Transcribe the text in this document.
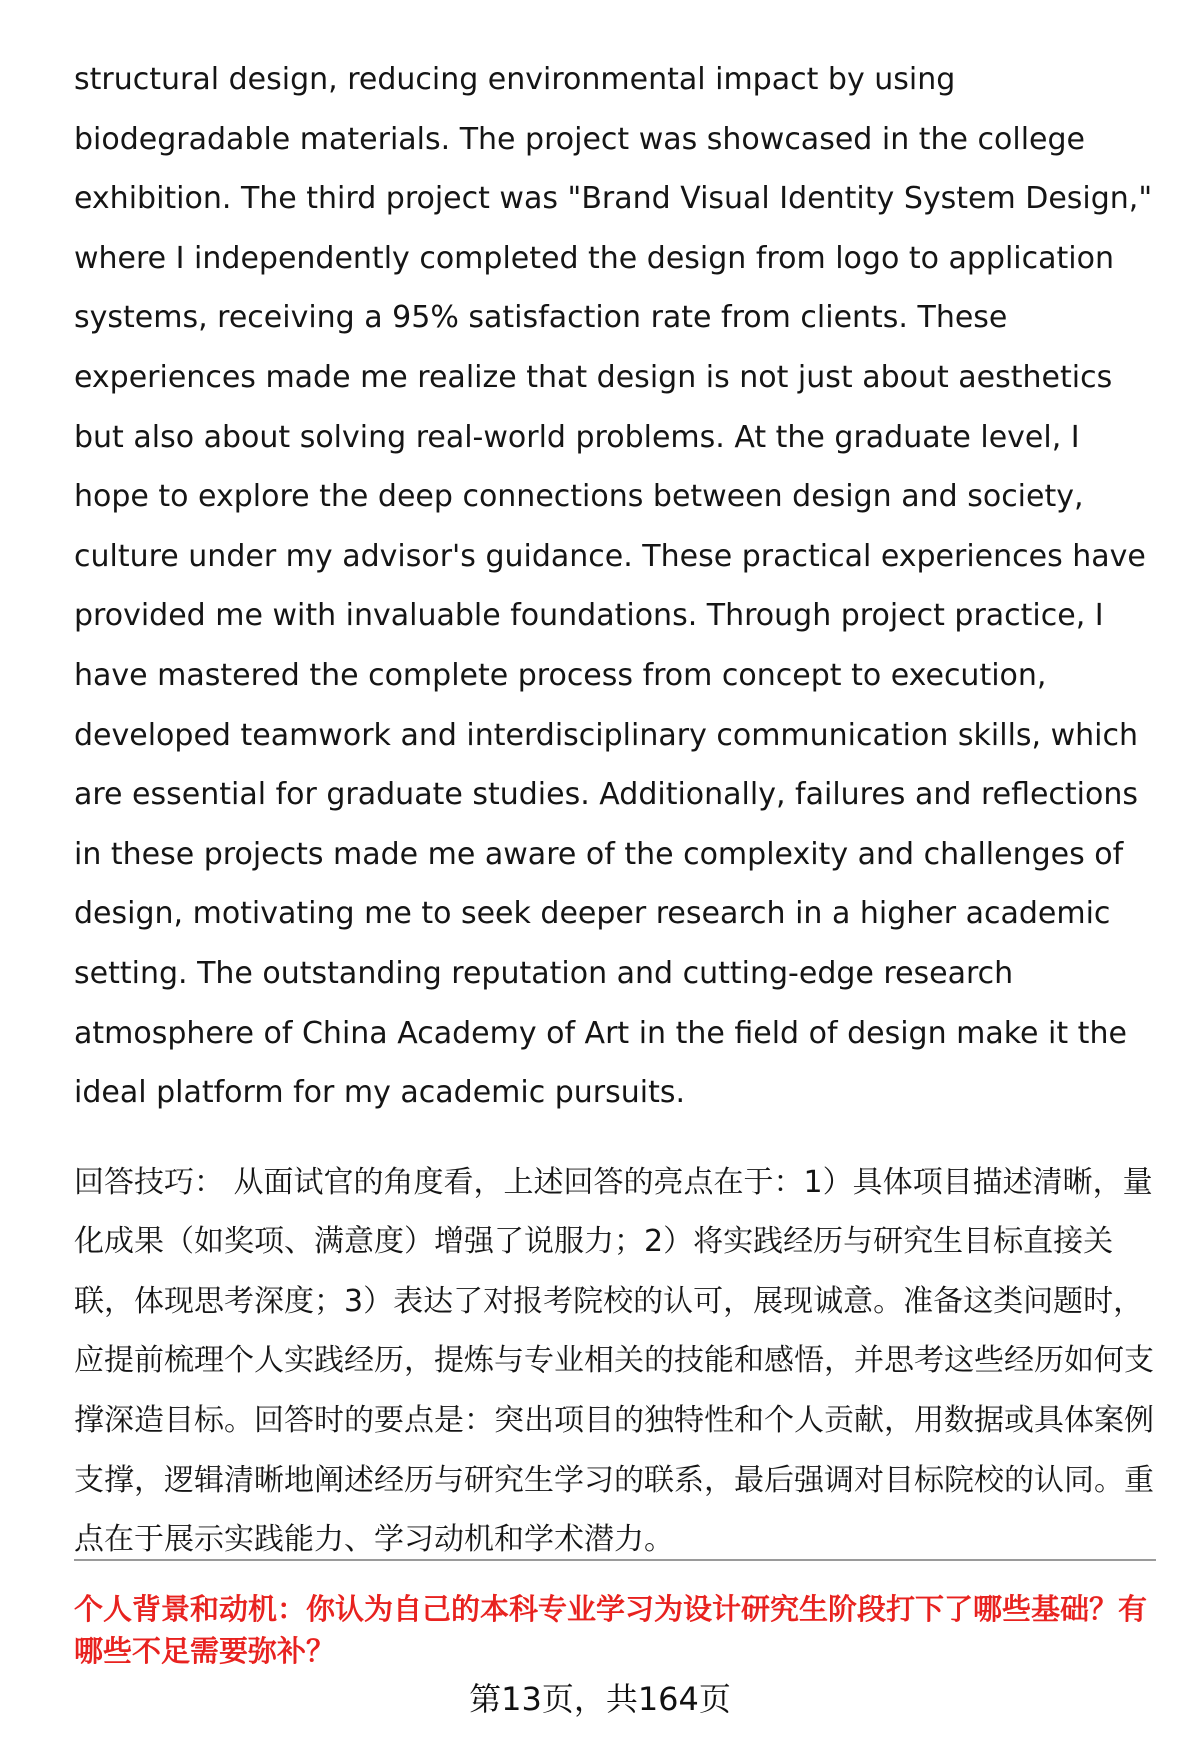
structural design, reducing environmental impact by using biodegradable materials. The project was showcased in the college exhibition. The third project was "Brand Visual Identity System Design," where I independently completed the design from logo to application systems, receiving a 95% satisfaction rate from clients. These experiences made me realize that design is not just about aesthetics but also about solving real-world problems. At the graduate level, I hope to explore the deep connections between design and society, culture under my advisor's guidance. These practical experiences have provided me with invaluable foundations. Through project practice, I have mastered the complete process from concept to execution, developed teamwork and interdisciplinary communication skills, which are essential for graduate studies. Additionally, failures and reflections in these projects made me aware of the complexity and challenges of design, motivating me to seek deeper research in a higher academic setting. The outstanding reputation and cutting-edge research atmosphere of China Academy of Art in the field of design make it the ideal platform for my academic pursuits.

回答技巧： 从面试官的角度看，上述回答的亮点在于：1）具体项目描述清晰，量化成果（如奖项、满意度）增强了说服力；2）将实践经历与研究生目标直接关联，体现思考深度；3）表达了对报考院校的认可，展现诚意。准备这类问题时，应提前梳理个人实践经历，提炼与专业相关的技能和感悟，并思考这些经历如何支撑深造目标。回答时的要点是：突出项目的独特性和个人贡献，用数据或具体案例支撑，逻辑清晰地阐述经历与研究生学习的联系，最后强调对目标院校的认同。重点在于展示实践能力、学习动机和学术潜力。

个人背景和动机：你认为自己的本科专业学习为设计研究生阶段打下了哪些基础？有哪些不足需要弥补？

第13页，共164页
